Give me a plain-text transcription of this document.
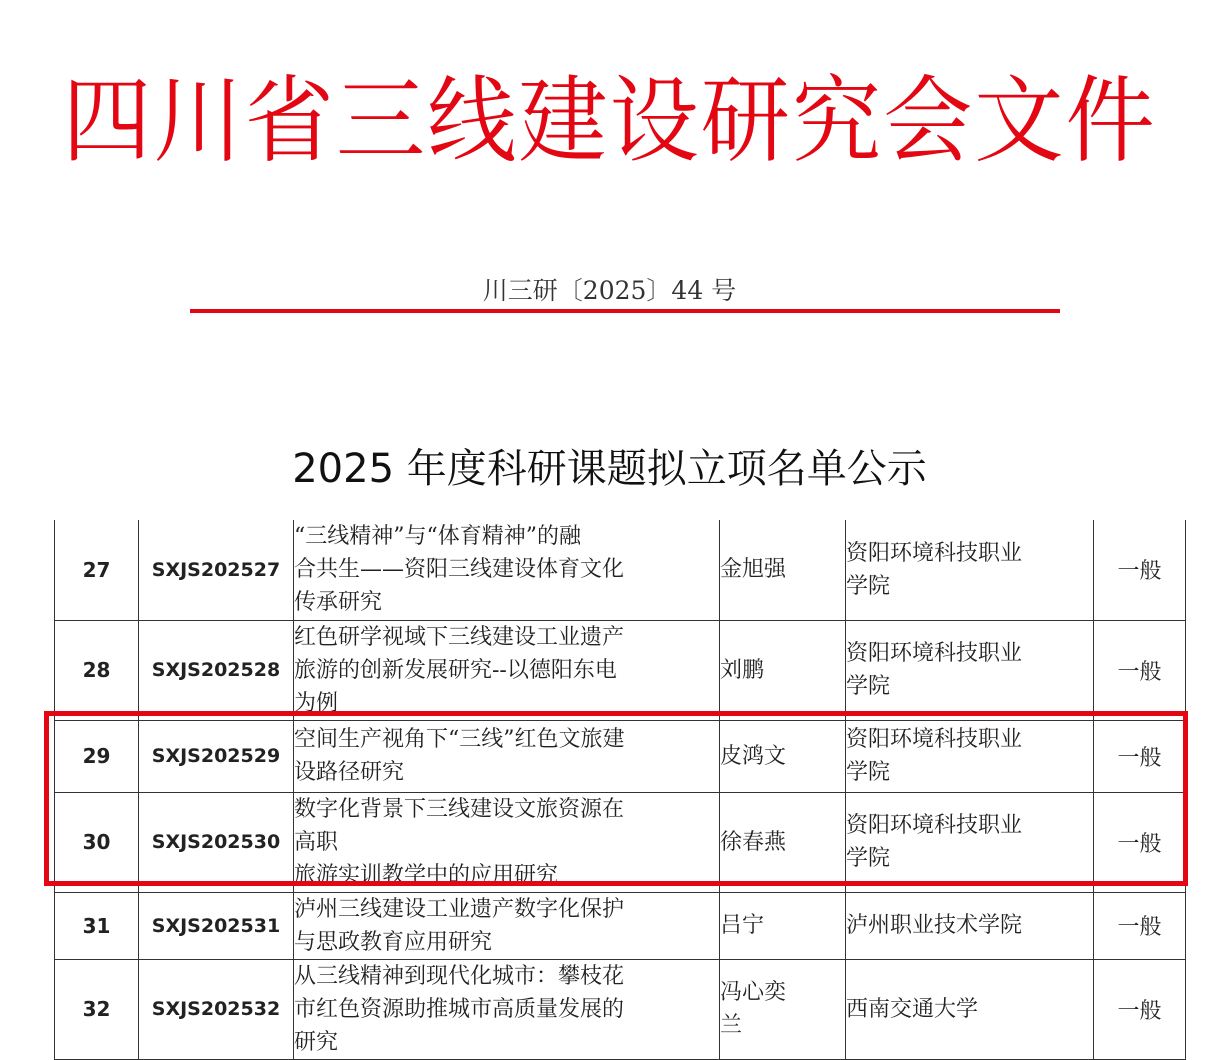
四川省三线建设研究会文件
川三研〔2025〕44 号
2025 年度科研课题拟立项名单公示
27	SXJS202527	“三线精神”与“体育精神”的融
合共生——资阳三线建设体育文化
传承研究	金旭强	资阳环境科技职业
学院	一般
28	SXJS202528	红色研学视域下三线建设工业遗产
旅游的创新发展研究--以德阳东电
为例	刘鹏	资阳环境科技职业
学院	一般
29	SXJS202529	空间生产视角下“三线”红色文旅建
设路径研究	皮鸿文	资阳环境科技职业
学院	一般
30	SXJS202530	数字化背景下三线建设文旅资源在
高职
旅游实训教学中的应用研究	徐春燕	资阳环境科技职业
学院	一般
31	SXJS202531	泸州三线建设工业遗产数字化保护
与思政教育应用研究	吕宁	泸州职业技术学院	一般
32	SXJS202532	从三线精神到现代化城市：攀枝花
市红色资源助推城市高质量发展的
研究	冯心奕
兰	西南交通大学	一般
